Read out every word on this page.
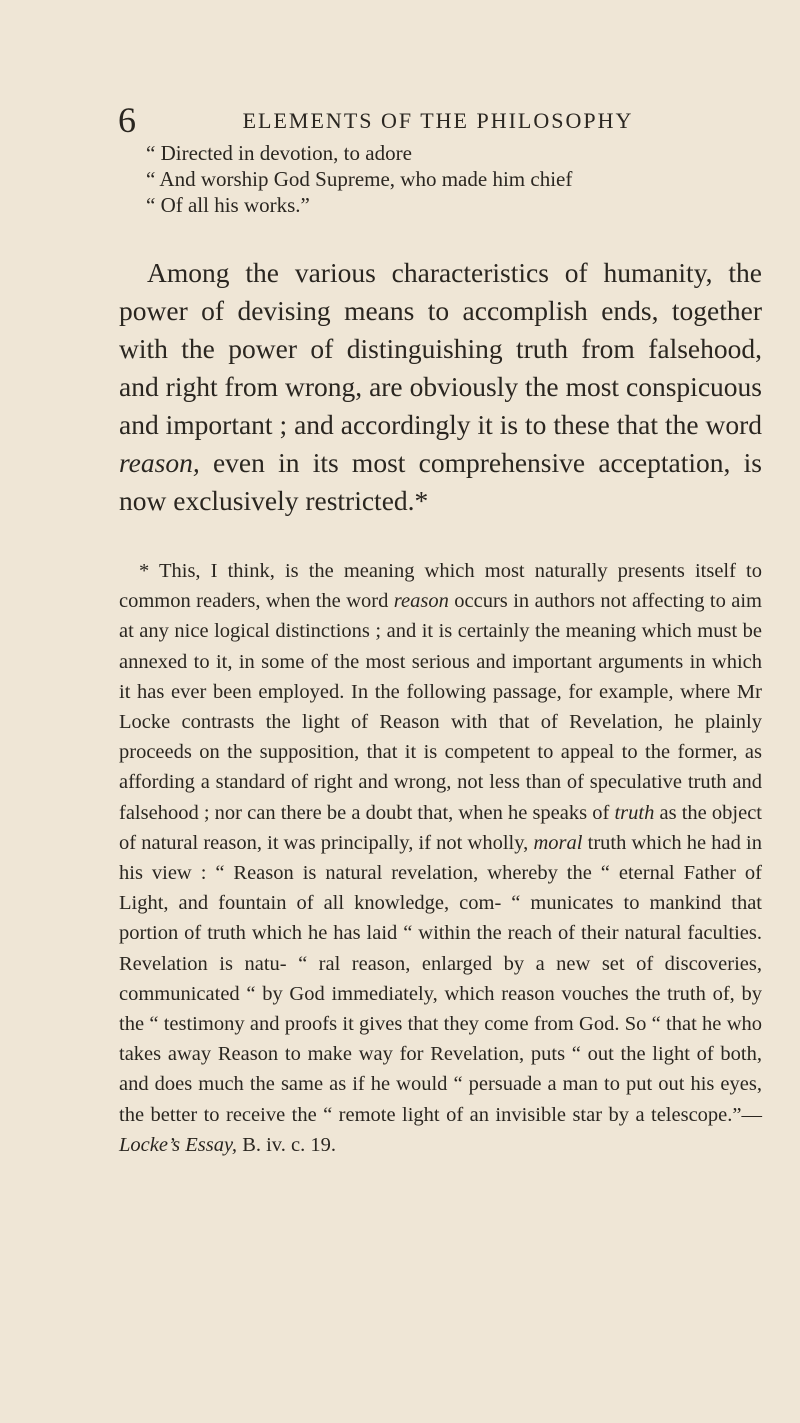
6	ELEMENTS OF THE PHILOSOPHY
“ Directed in devotion, to adore
“ And worship God Supreme, who made him chief
“ Of all his works.”

Among the various characteristics of humanity, the power of devising means to accomplish ends, together with the power of distinguishing truth from falsehood, and right from wrong, are obviously the most conspicuous and important ; and accordingly it is to these that the word reason, even in its most comprehensive acceptation, is now exclusively restricted.*

* This, I think, is the meaning which most naturally presents itself to common readers, when the word reason occurs in authors not affecting to aim at any nice logical distinctions ; and it is certainly the meaning which must be annexed to it, in some of the most serious and important arguments in which it has ever been employed. In the following passage, for example, where Mr Locke contrasts the light of Reason with that of Revelation, he plainly proceeds on the supposition, that it is competent to appeal to the former, as affording a standard of right and wrong, not less than of speculative truth and falsehood ; nor can there be a doubt that, when he speaks of truth as the object of natural reason, it was principally, if not wholly, moral truth which he had in his view : “ Reason is natural revelation, whereby the “ eternal Father of Light, and fountain of all knowledge, com- “ municates to mankind that portion of truth which he has laid “ within the reach of their natural faculties. Revelation is natu- “ ral reason, enlarged by a new set of discoveries, communicated “ by God immediately, which reason vouches the truth of, by the “ testimony and proofs it gives that they come from God. So “ that he who takes away Reason to make way for Revelation, puts “ out the light of both, and does much the same as if he would “ persuade a man to put out his eyes, the better to receive the “ remote light of an invisible star by a telescope.”—Locke’s Essay, B. iv. c. 19.
